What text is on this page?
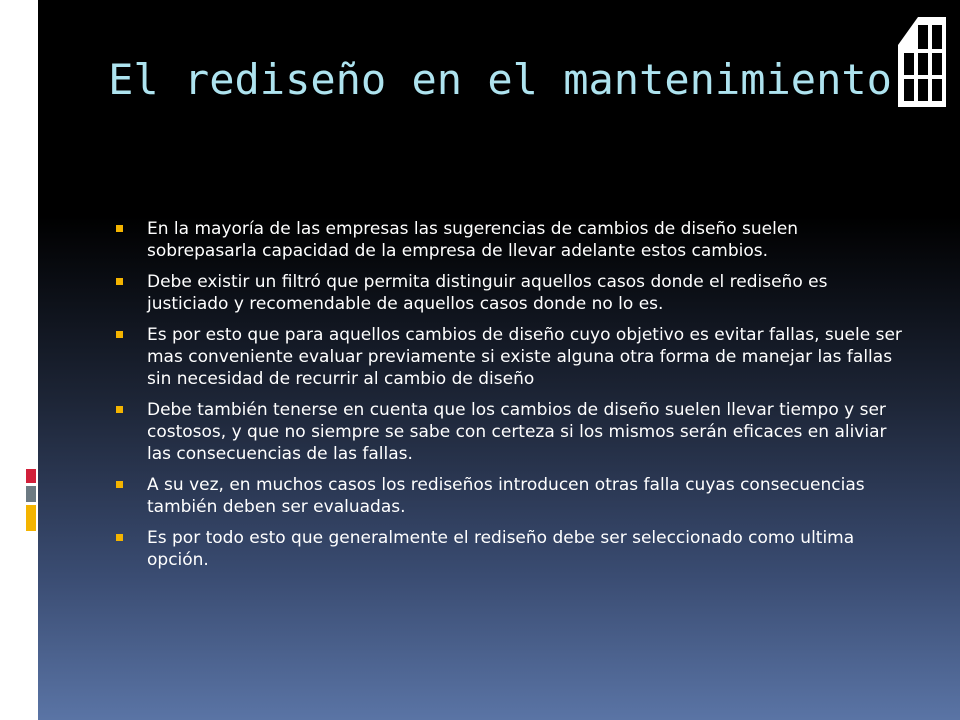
El rediseño en el mantenimiento
En la mayoría de las empresas las sugerencias de cambios de diseño suelen sobrepasarla capacidad de la empresa de llevar adelante estos cambios.
Debe existir un filtró que permita distinguir aquellos casos donde el rediseño es justiciado y recomendable de aquellos casos donde no lo es.
Es por esto que para aquellos cambios de diseño cuyo objetivo es evitar fallas, suele ser mas conveniente evaluar previamente si existe alguna otra forma de manejar las fallas sin necesidad de recurrir al cambio de diseño
Debe también tenerse en cuenta que los cambios de diseño suelen llevar tiempo y ser costosos, y que no siempre se sabe con certeza si los mismos serán eficaces en aliviar las consecuencias de las fallas.
A su vez, en muchos casos los rediseños introducen otras falla cuyas consecuencias también deben ser evaluadas.
Es por todo esto que generalmente el rediseño debe ser seleccionado como ultima opción.
